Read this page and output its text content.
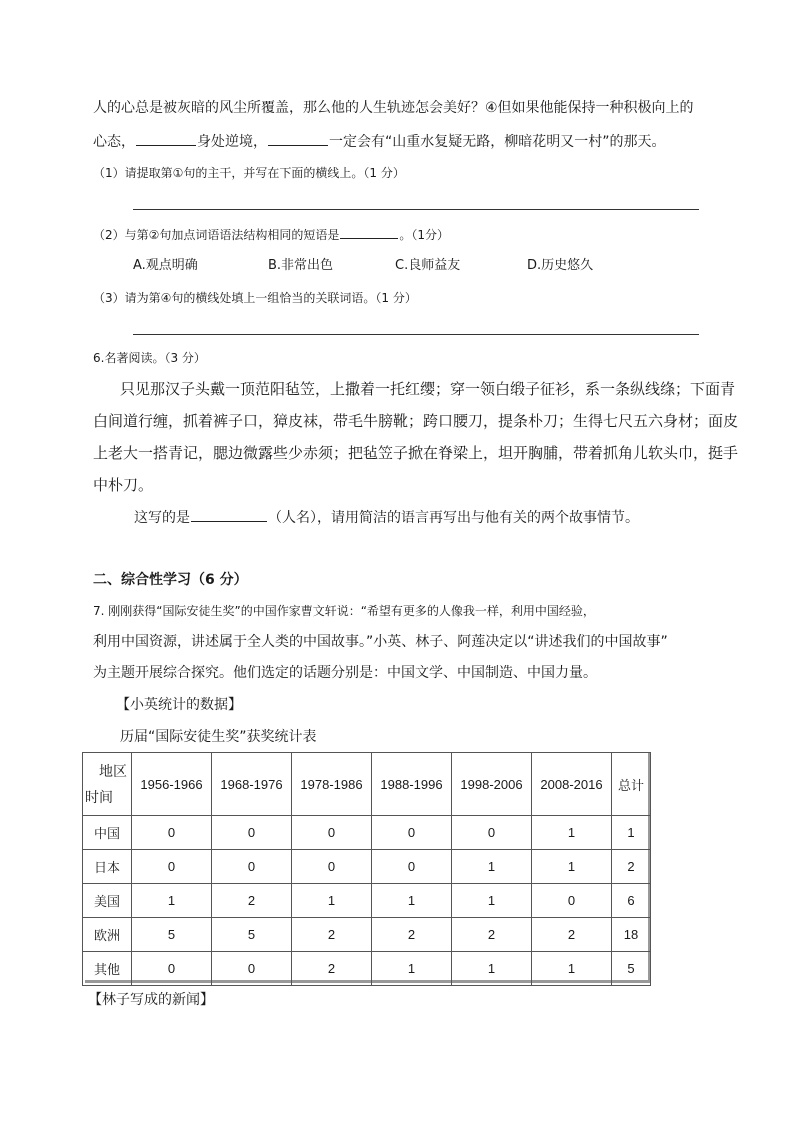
人的心总是被灰暗的风尘所覆盖，那么他的人生轨迹怎会美好？④但如果他能保持一种积极向上的
心态，	身处逆境，	一定会有“山重水复疑无路，柳暗花明又一村”的那天。
（1）请提取第①句的主干，并写在下面的横线上。（1 分）
（2）与第②句加点词语语法结构相同的短语是	。（1分）
A.观点明确	B.非常出色	C.良师益友	D.历史悠久
（3）请为第④句的横线处填上一组恰当的关联词语。（1 分）
6.名著阅读。（3 分）
只见那汉子头戴一顶范阳毡笠，上撒着一托红缨；穿一领白缎子征衫，系一条纵线绦；下面青
白间道行缠，抓着裤子口，獐皮袜，带毛牛膀靴；跨口腰刀，提条朴刀；生得七尺五六身材；面皮
上老大一搭青记，腮边微露些少赤须；把毡笠子掀在脊梁上，坦开胸脯，带着抓角儿软头巾，挺手
中朴刀。
这写的是	（人名），请用简洁的语言再写出与他有关的两个故事情节。
二、综合性学习（6 分）
7. 刚刚获得“国际安徒生奖”的中国作家曹文轩说：“希望有更多的人像我一样，利用中国经验，
利用中国资源，讲述属于全人类的中国故事。”小英、林子、阿莲决定以“讲述我们的中国故事”
为主题开展综合探究。他们选定的话题分别是：中国文学、中国制造、中国力量。
【小英统计的数据】
历届“国际安徒生奖”获奖统计表
地区
时间	1956-1966	1968-1976	1978-1986	1988-1996	1998-2006	2008-2016	总计
中国	0	0	0	0	0	1	1
日本	0	0	0	0	1	1	2
美国	1	2	1	1	1	0	6
欧洲	5	5	2	2	2	2	18
其他	0	0	2	1	1	1	5
【林子写成的新闻】
